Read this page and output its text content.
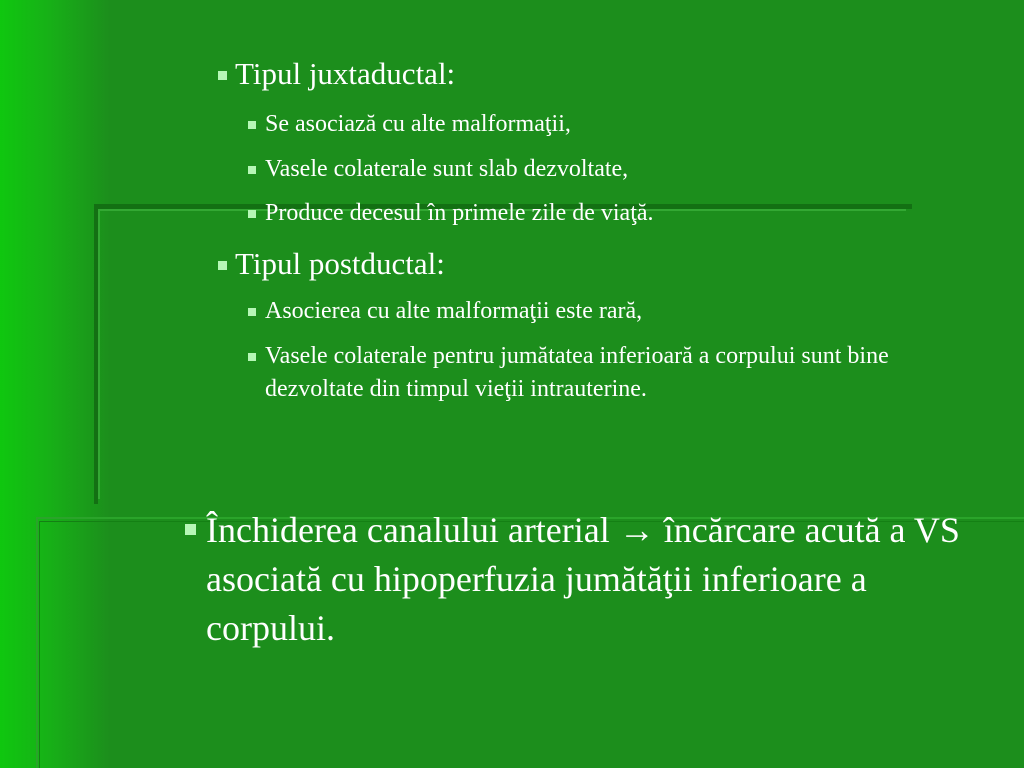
Tipul juxtaductal:
Se asociază cu alte malformaţii,
Vasele colaterale sunt slab dezvoltate,
Produce decesul în primele zile de viaţă.
Tipul postductal:
Asocierea cu alte malformaţii este rară,
Vasele colaterale pentru jumătatea inferioară a corpului sunt bine dezvoltate din timpul vieţii intrauterine.
Închiderea canalului arterial → încărcare acută a VS asociată cu hipoperfuzia jumătăţii inferioare a corpului.
